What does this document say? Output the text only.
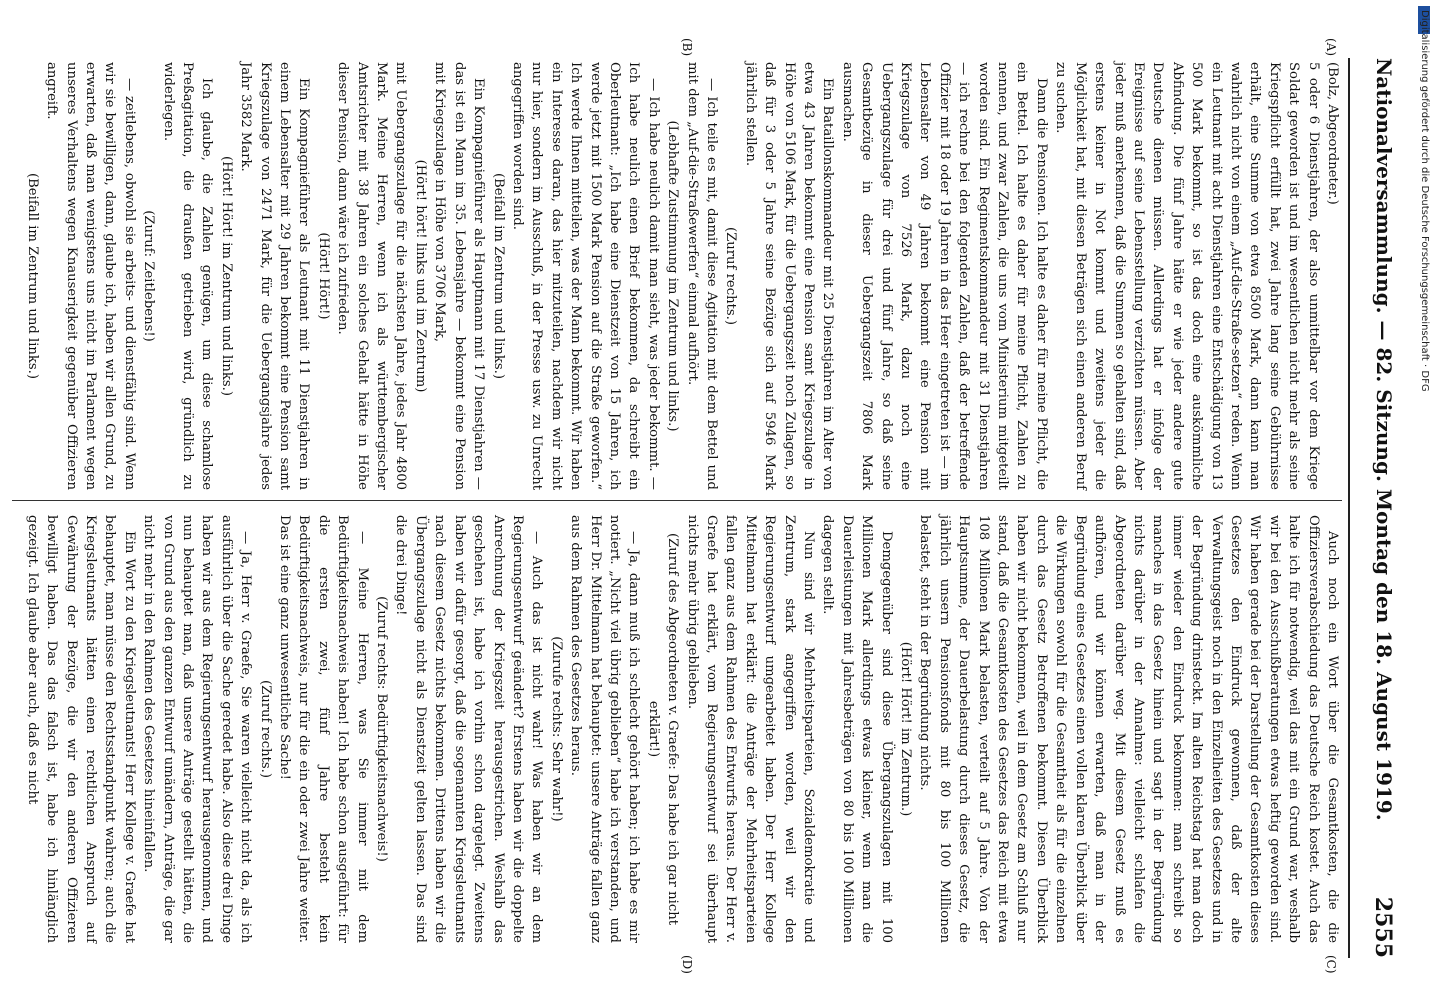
Nationalversammlung. — 82. Sitzung. Montag den 18. August 1919.
2555
(A)
(B)
(C)
(D)

(Bolz, Abgeordneter.)

5 oder 6 Dienstjahren, der also unmittelbar vor dem Kriege Soldat geworden ist und im wesentlichen nicht mehr als seine Kriegspflicht erfüllt hat, zwei Jahre lang seine Gebührnisse erhält, eine Summe von etwa 8500 Mark, dann kann man wahrlich nicht von einem „Auf-die-Straße-setzen“ reden. Wenn ein Leutnant mit acht Dienstjahren eine Entschädigung von 13 500 Mark bekommt, so ist das doch eine auskömmliche Abfindung. Die fünf Jahre hätte er wie jeder andere gute Deutsche dienen müssen. Allerdings hat er infolge der Ereignisse auf seine Lebensstellung verzichten müssen. Aber jeder muß anerkennen, daß die Summen so gehalten sind, daß erstens keiner in Not kommt und zweitens jeder die Möglichkeit hat, mit diesen Beträgen sich einen anderen Beruf zu suchen.

Dann die Pensionen. Ich halte es daher für meine Pflicht, die ein Bettel. Ich halte es daher für meine Pflicht, Zahlen zu nennen, und zwar Zahlen, die uns vom Ministerium mitgeteilt worden sind. Ein Regimentskommandeur mit 31 Dienstjahren — ich rechne bei den folgenden Zahlen, daß der betreffende Offizier mit 18 oder 19 Jahren in das Heer eingetreten ist — im Lebensalter von 49 Jahren bekommt eine Pension mit Kriegszulage von 7526 Mark, dazu noch eine Uebergangszulage für drei und fünf Jahre, so daß seine Gesamtbezüge in dieser Uebergangszeit 7806 Mark ausmachen.

Ein Bataillonskommandeur mit 25 Dienstjahren im Alter von etwa 43 Jahren bekommt eine Pension samt Kriegszulage in Höhe von 5106 Mark, für die Uebergangszeit noch Zulagen, so daß für 3 oder 5 Jahre seine Bezüge sich auf 5946 Mark jährlich stellen.

(Zuruf rechts.)

— Ich teile es mit, damit diese Agitation mit dem Bettel und mit dem „Auf-die-Straßewerfen“ einmal aufhört.

(Lebhafte Zustimmung im Zentrum und links.)

— Ich habe neulich damit man sieht, was jeder bekommt. — Ich habe neulich einen Brief bekommen, da schreibt ein Oberleutnant: „Ich habe eine Dienstzeit von 15 Jahren, ich werde jetzt mit 1500 Mark Pension auf die Straße geworfen.“ Ich werde Ihnen mitteilen, was der Mann bekommt. Wir haben ein Interesse daran, das hier mitzuteilen, nachdem wir nicht nur hier, sondern im Ausschuß, in der Presse usw. zu Unrecht angegriffen worden sind.

(Beifall im Zentrum und links.)

Ein Kompagnieführer als Hauptmann mit 17 Dienstjahren — das ist ein Mann im 35. Lebensjahre — bekommt eine Pension mit Kriegszulage in Höhe von 3706 Mark,

(Hört! hört! links und im Zentrum)

mit Uebergangszulage für die nächsten Jahre, jedes Jahr 4800 Mark. Meine Herren, wenn ich als württembergischer Amtsrichter mit 38 Jahren ein solches Gehalt hätte in Höhe dieser Pension, dann wäre ich zufrieden.

(Hört! Hört!)

Ein Kompagnieführer als Leutnant mit 11 Dienstjahren in einem Lebensalter mit 29 Jahren bekommt eine Pension samt Kriegszulage von 2471 Mark, für die Uebergangsjahre jedes Jahr 3582 Mark.

(Hört! Hört! im Zentrum und links.)

Ich glaube, die Zahlen genügen, um diese schamlose Preßagitation, die draußen getrieben wird, gründlich zu widerlegen.

(Zuruf: Zeitlebens!)

— zeitlebens, obwohl sie arbeits- und dienstfähig sind. Wenn wir sie bewilligen, dann, glaube ich, haben wir allen Grund, zu erwarten, daß man wenigstens uns nicht im Parlament wegen unseres Verhaltens wegen Knauserigkeit gegenüber Offizieren angreift.

(Beifall im Zentrum und links.)

Auch noch ein Wort über die Gesamtkosten, die die Offiziersverabschiedung das Deutsche Reich kostet. Auch das halte ich für notwendig, weil das mit ein Grund war, weshalb wir bei den Ausschußberatungen etwas heftig geworden sind. Wir haben gerade bei der Darstellung der Gesamtkosten dieses Gesetzes den Eindruck gewonnen, daß der alte Verwaltungsgeist noch in den Einzelheiten des Gesetzes und in der Begründung drinsteckt. Im alten Reichstag hat man doch immer wieder den Eindruck bekommen: man schreibt so manches in das Gesetz hinein und sagt in der Begründung nichts darüber in der Annahme: vielleicht schlafen die Abgeordneten darüber weg. Mit diesem Gesetz muß es aufhören, und wir können erwarten, daß man in der Begründung eines Gesetzes einen vollen klaren Überblick über die Wirkungen sowohl für die Gesamtheit als für die einzelnen durch das Gesetz Betroffenen bekommt. Diesen Überblick haben wir nicht bekommen, weil in dem Gesetz am Schluß nur stand, daß die Gesamtkosten des Gesetzes das Reich mit etwa 108 Millionen Mark belasten, verteilt auf 5 Jahre. Von der Hauptsumme, der Dauerbelastung durch dieses Gesetz, die jährlich unsern Pensionsfonds mit 80 bis 100 Millionen belastet, steht in der Begründung nichts.

(Hört! Hört! im Zentrum.)

Demgegenüber sind diese Übergangszulagen mit 100 Millionen Mark allerdings etwas kleiner, wenn man die Dauerleistungen mit Jahresbeträgen von 80 bis 100 Millionen dagegen stellt.

Nun sind wir Mehrheitsparteien, Sozialdemokratie und Zentrum, stark angegriffen worden, weil wir den Regierungsentwurf umgearbeitet haben. Der Herr Kollege Mittelmann hat erklärt: die Anträge der Mehrheitsparteien fallen ganz aus dem Rahmen des Entwurfs heraus. Der Herr v. Graefe hat erklärt, vom Regierungsentwurf sei überhaupt nichts mehr übrig geblieben.

(Zuruf des Abgeordneten v. Graefe: Das habe ich gar nicht erklärt!)

— Ja, dann muß ich schlecht gehört haben; ich habe es mir notiert. „Nicht viel übrig geblieben“ habe ich verstanden, und Herr Dr. Mittelmann hat behauptet: unsere Anträge fallen ganz aus dem Rahmen des Gesetzes heraus.

(Zurufe rechts: Sehr wahr!)

— Auch das ist nicht wahr! Was haben wir an dem Regierungsentwurf geändert? Erstens haben wir die doppelte Anrechnung der Kriegszeit herausgestrichen. Weshalb das geschehen ist, habe ich vorhin schon dargelegt. Zweitens haben wir dafür gesorgt, daß die sogenannten Kriegsleutnants nach diesem Gesetz nichts bekommen. Drittens haben wir die Übergangszulage nicht als Dienstzeit gelten lassen. Das sind die drei Dinge!

(Zuruf rechts: Bedürftigkeitsnachweis!)

— Meine Herren, was Sie immer mit dem Bedürftigkeitsnachweis haben! Ich habe schon ausgeführt: für die ersten zwei, fünf Jahre besteht kein Bedürftigkeitsnachweis, nur für die ein oder zwei Jahre weiter. Das ist eine ganz unwesentliche Sache!

(Zuruf rechts.)

— Ja, Herr v. Graefe, Sie waren vielleicht nicht da, als ich ausführlich über die Sache geredet habe. Also diese drei Dinge haben wir aus dem Regierungsentwurf herausgenommen, und nun behauptet man, daß unsere Anträge gestellt hätten, die von Grund aus den ganzen Entwurf umändern, Anträge, die gar nicht mehr in den Rahmen des Gesetzes hineinfallen.

Ein Wort zu den Kriegsleutnants! Herr Kollege v. Graefe hat behauptet, man müsse den Rechtsstandpunkt wahren; auch die Kriegsleutnants hätten einen rechtlichen Anspruch auf Gewährung der Bezüge, die wir den anderen Offizieren bewilligt haben. Das das falsch ist, habe ich hinlänglich gezeigt. Ich glaube aber auch, daß es nicht

Digitalisierung gefördert durch die Deutsche Forschungsgemeinschaft · DFG
